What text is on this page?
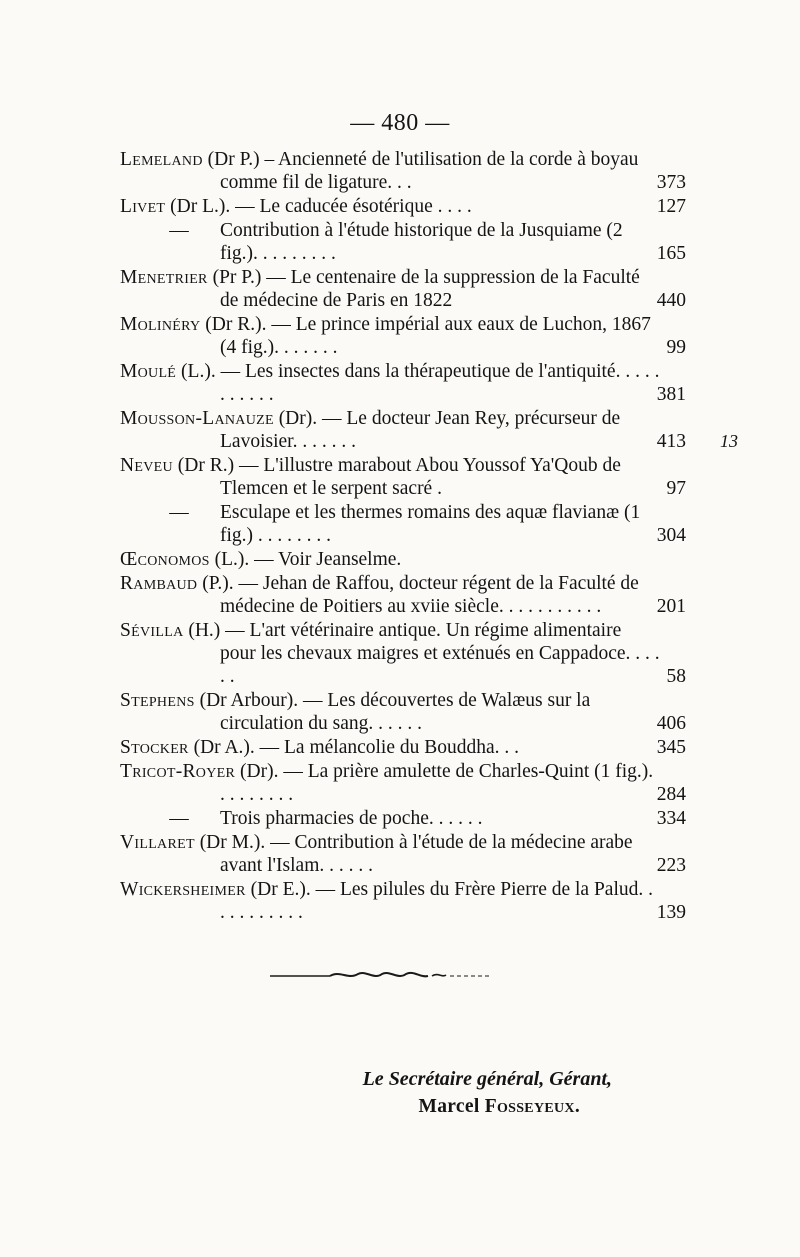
— 480 —
Lemeland (Dr P.) – Ancienneté de l'utilisation de la corde à boyau comme fil de ligature. . .	373
Livet (Dr L.). — Le caducée ésotérique . . . .	127
— Contribution à l'étude historique de la Jusquiame (2 fig.). . . . . . . . .	165
Menetrier (Pr P.) — Le centenaire de la suppression de la Faculté de médecine de Paris en 1822	440
Molinéry (Dr R.). — Le prince impérial aux eaux de Luchon, 1867 (4 fig.). . . . . . .	99
Moulé (L.). — Les insectes dans la thérapeutique de l'antiquité. . . . . . . . . . .	381
Mousson-Lanauze (Dr). — Le docteur Jean Rey, précurseur de Lavoisier. . . . . . .	413 13
Neveu (Dr R.) — L'illustre marabout Abou Youssof Ya'Qoub de Tlemcen et le serpent sacré .	97
— Esculape et les thermes romains des aquæ flavianæ (1 fig.) . . . . . . . .	304
Œconomos (L.). — Voir Jeanselme.
Rambaud (P.). — Jehan de Raffou, docteur régent de la Faculté de médecine de Poitiers au xviie siècle. . . . . . . . . . .	201
Sévilla (H.) — L'art vétérinaire antique. Un régime alimentaire pour les chevaux maigres et exténués en Cappadoce. . . . . .	58
Stephens (Dr Arbour). — Les découvertes de Walæus sur la circulation du sang. . . . . .	406
Stocker (Dr A.). — La mélancolie du Bouddha. . .	345
Tricot-Royer (Dr). — La prière amulette de Charles-Quint (1 fig.). . . . . . . . .	284
— Trois pharmacies de poche. . . . . .	334
Villaret (Dr M.). — Contribution à l'étude de la médecine arabe avant l'Islam. . . . . .	223
Wickersheimer (Dr E.). — Les pilules du Frère Pierre de la Palud. . . . . . . . . . .	139
Le Secrétaire général, Gérant,
Marcel Fosseyeux.
